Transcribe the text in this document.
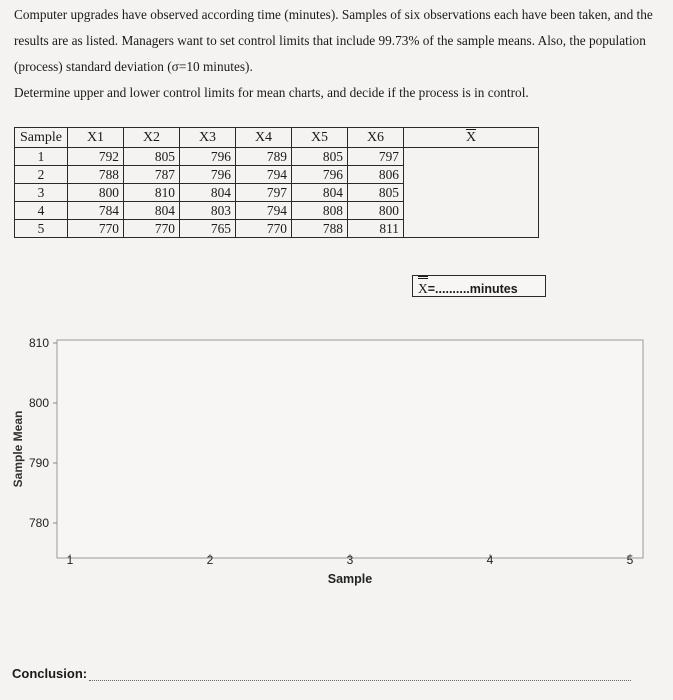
Computer upgrades have observed according time (minutes). Samples of six observations each have been taken, and the results are as listed. Managers want to set control limits that include 99.73% of the sample means. Also, the population (process) standard deviation (σ=10 minutes).
Determine upper and lower control limits for mean charts, and decide if the process is in control.
Sample	X1	X2	X3	X4	X5	X6	$\overline{X}$
1	792	805	796	789	805	797	
2	788	787	796	794	796	806	
3	800	810	804	797	804	805	
4	784	804	803	794	808	800	
5	770	770	765	770	788	811	
X=..........minutes
780
790
800
810
1	2	3	4	5
Sample Mean
Sample
Conclusion:
